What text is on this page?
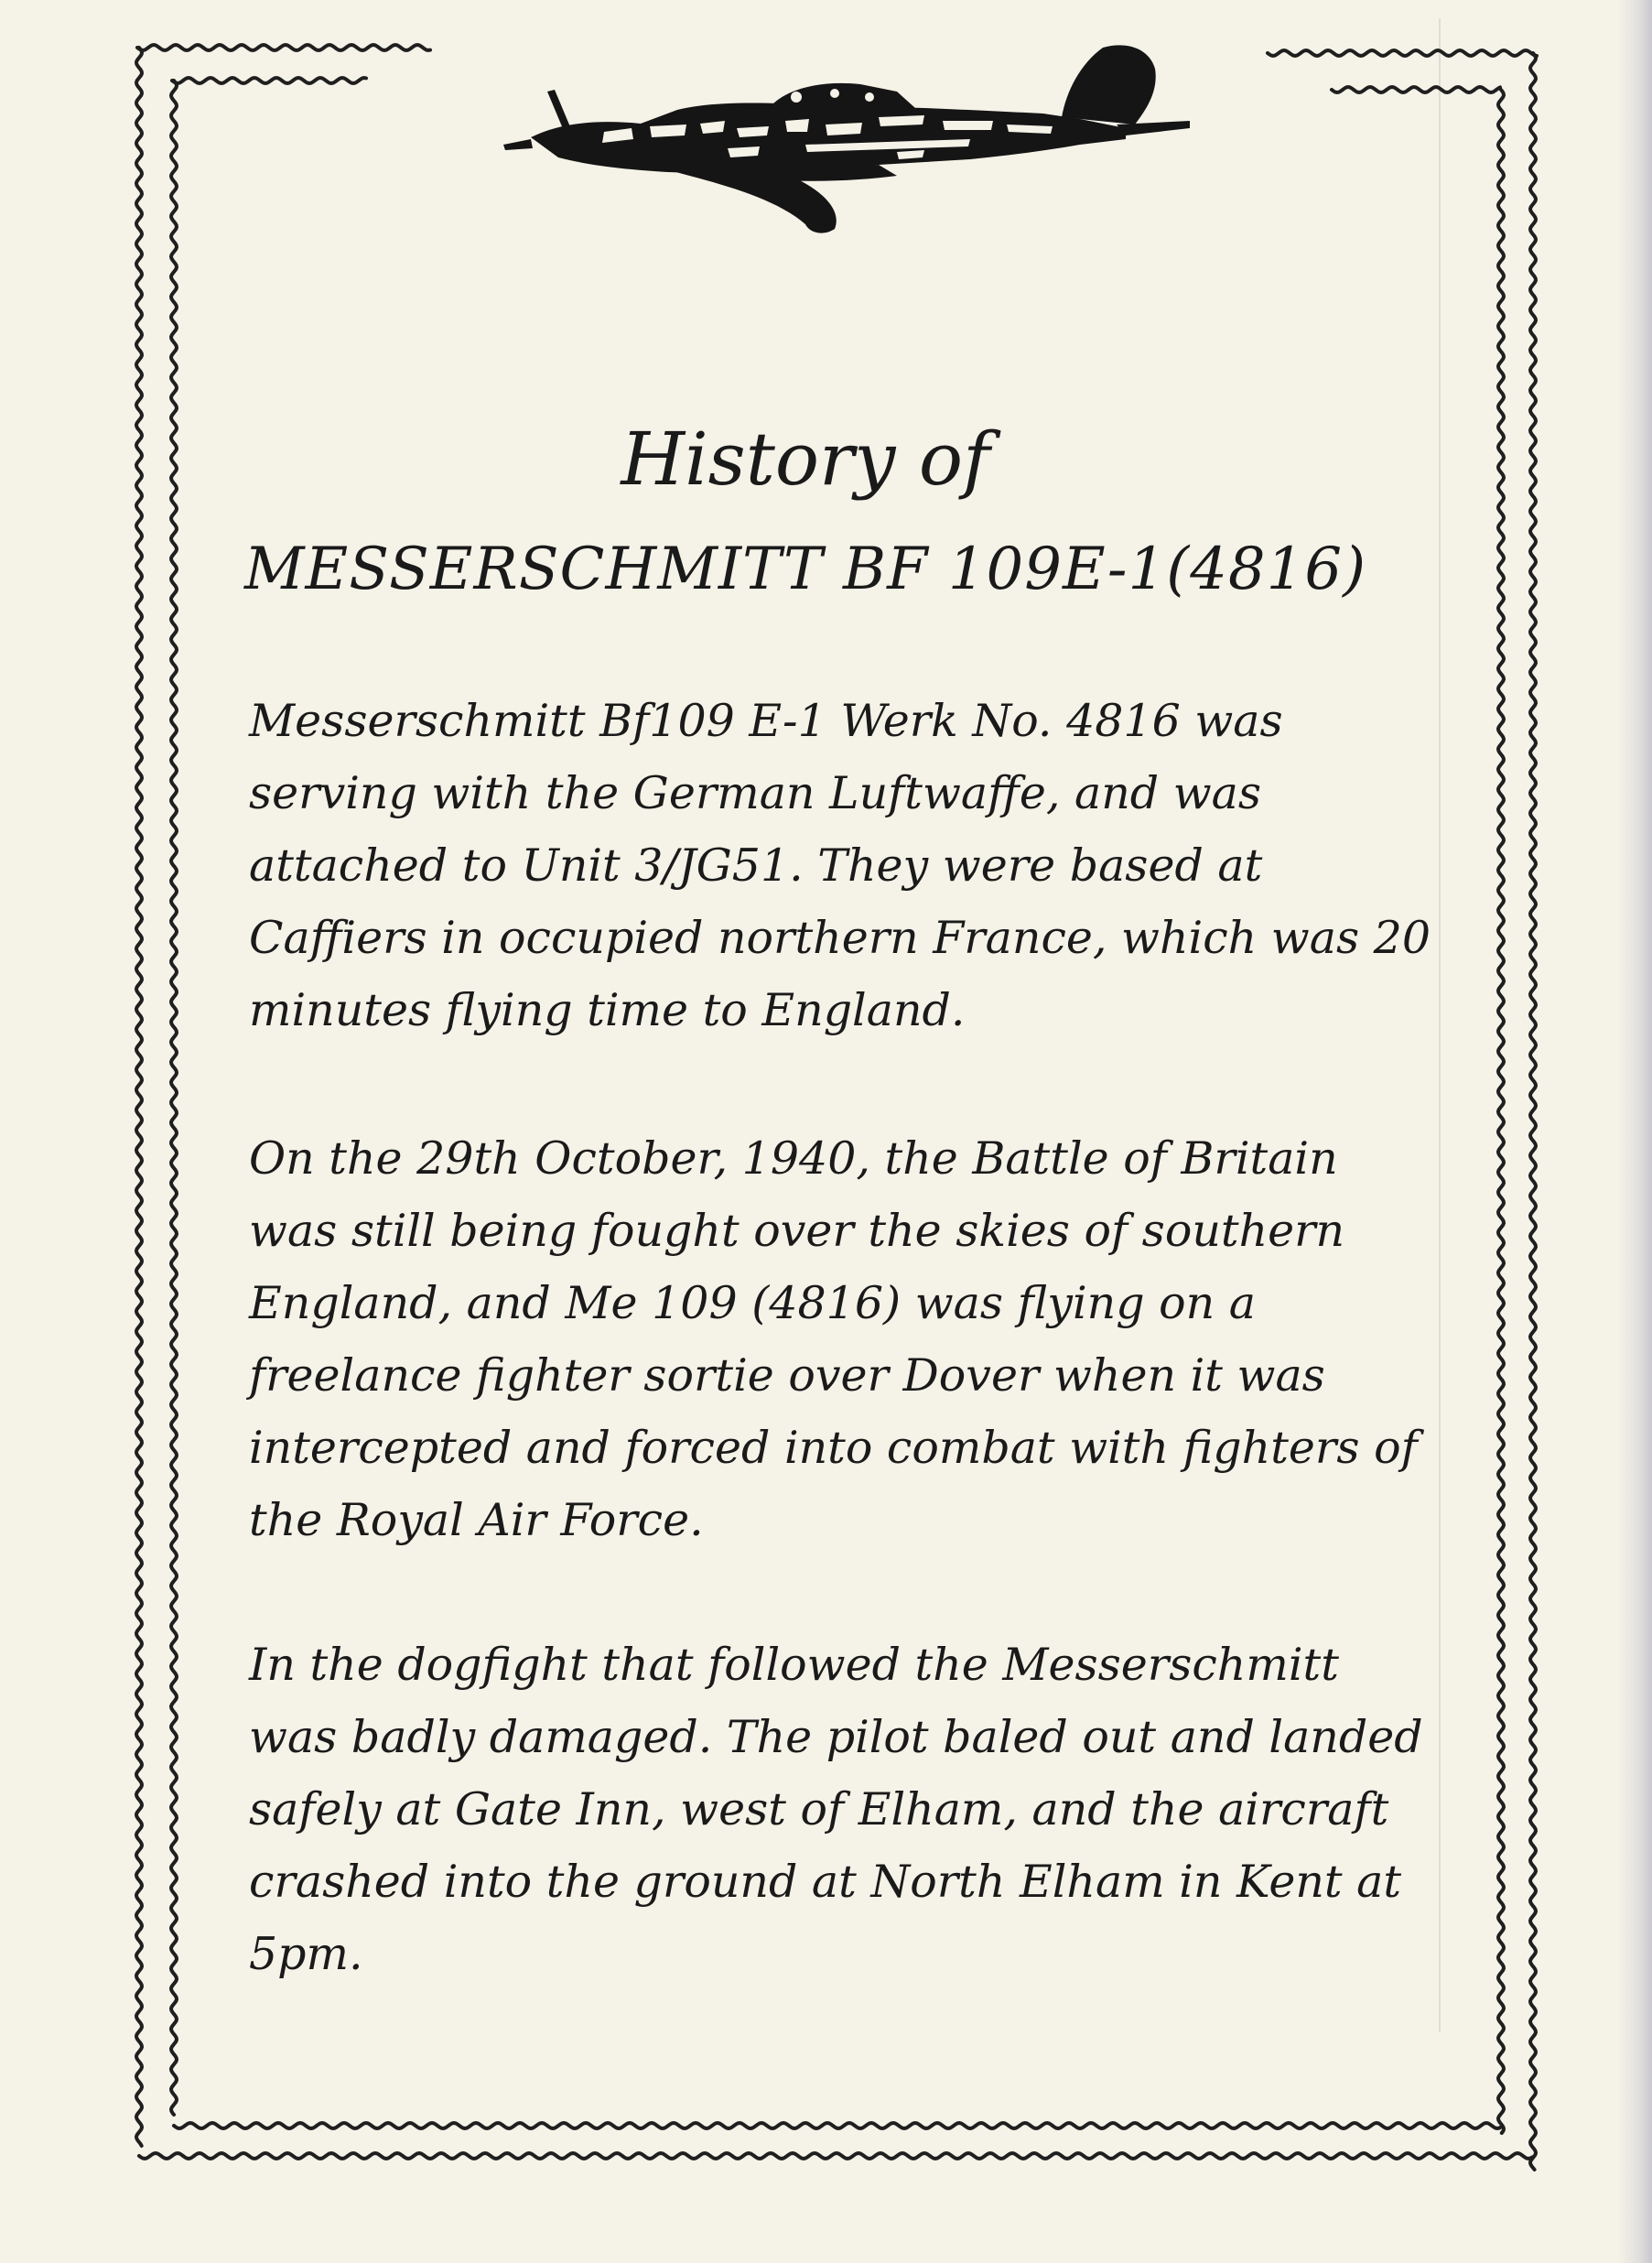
History of
MESSERSCHMITT BF 109E-1(4816)

Messerschmitt Bf109 E-1 Werk No. 4816 was
serving with the German Luftwaffe, and was
attached to Unit 3/JG51. They were based at
Caffiers in occupied northern France, which was 20
minutes flying time to England.

On the 29th October, 1940, the Battle of Britain
was still being fought over the skies of southern
England, and Me 109 (4816) was flying on a
freelance fighter sortie over Dover when it was
intercepted and forced into combat with fighters of
the Royal Air Force.

In the dogfight that followed the Messerschmitt
was badly damaged. The pilot baled out and landed
safely at Gate Inn, west of Elham, and the aircraft
crashed into the ground at North Elham in Kent at
5pm.
